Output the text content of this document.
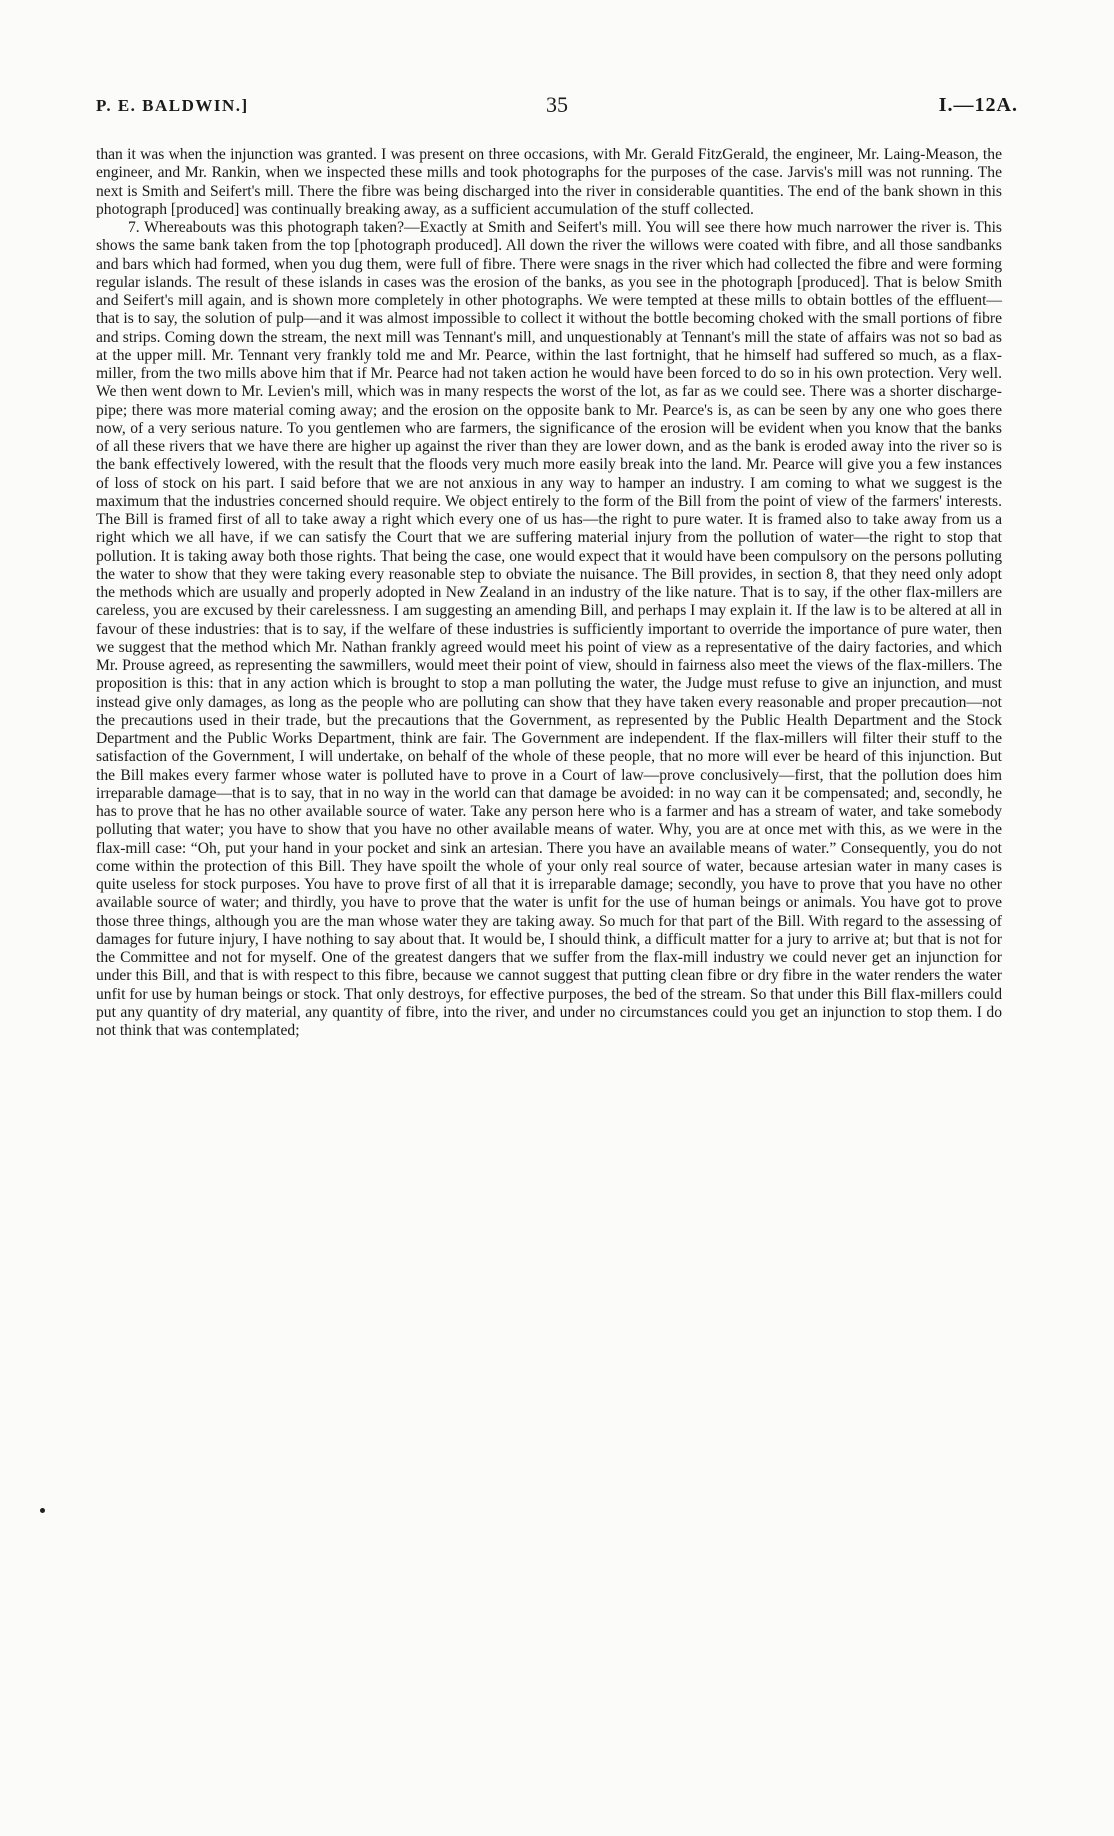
P. E. BALDWIN.]	35	I.—12A.

than it was when the injunction was granted. I was present on three occasions, with Mr. Gerald FitzGerald, the engineer, Mr. Laing-Meason, the engineer, and Mr. Rankin, when we inspected these mills and took photographs for the purposes of the case. Jarvis's mill was not running. The next is Smith and Seifert's mill. There the fibre was being discharged into the river in considerable quantities. The end of the bank shown in this photograph [produced] was continually breaking away, as a sufficient accumulation of the stuff collected.

7. Whereabouts was this photograph taken?—Exactly at Smith and Seifert's mill. You will see there how much narrower the river is. This shows the same bank taken from the top [photograph produced]. All down the river the willows were coated with fibre, and all those sandbanks and bars which had formed, when you dug them, were full of fibre. There were snags in the river which had collected the fibre and were forming regular islands. The result of these islands in cases was the erosion of the banks, as you see in the photograph [produced]. That is below Smith and Seifert's mill again, and is shown more completely in other photographs. We were tempted at these mills to obtain bottles of the effluent—that is to say, the solution of pulp—and it was almost impossible to collect it without the bottle becoming choked with the small portions of fibre and strips. Coming down the stream, the next mill was Tennant's mill, and unquestionably at Tennant's mill the state of affairs was not so bad as at the upper mill. Mr. Tennant very frankly told me and Mr. Pearce, within the last fortnight, that he himself had suffered so much, as a flax-miller, from the two mills above him that if Mr. Pearce had not taken action he would have been forced to do so in his own protection. Very well. We then went down to Mr. Levien's mill, which was in many respects the worst of the lot, as far as we could see. There was a shorter discharge-pipe; there was more material coming away; and the erosion on the opposite bank to Mr. Pearce's is, as can be seen by any one who goes there now, of a very serious nature. To you gentlemen who are farmers, the significance of the erosion will be evident when you know that the banks of all these rivers that we have there are higher up against the river than they are lower down, and as the bank is eroded away into the river so is the bank effectively lowered, with the result that the floods very much more easily break into the land. Mr. Pearce will give you a few instances of loss of stock on his part. I said before that we are not anxious in any way to hamper an industry. I am coming to what we suggest is the maximum that the industries concerned should require. We object entirely to the form of the Bill from the point of view of the farmers' interests. The Bill is framed first of all to take away a right which every one of us has—the right to pure water. It is framed also to take away from us a right which we all have, if we can satisfy the Court that we are suffering material injury from the pollution of water—the right to stop that pollution. It is taking away both those rights. That being the case, one would expect that it would have been compulsory on the persons polluting the water to show that they were taking every reasonable step to obviate the nuisance. The Bill provides, in section 8, that they need only adopt the methods which are usually and properly adopted in New Zealand in an industry of the like nature. That is to say, if the other flax-millers are careless, you are excused by their carelessness. I am suggesting an amending Bill, and perhaps I may explain it. If the law is to be altered at all in favour of these industries: that is to say, if the welfare of these industries is sufficiently important to override the importance of pure water, then we suggest that the method which Mr. Nathan frankly agreed would meet his point of view as a representative of the dairy factories, and which Mr. Prouse agreed, as representing the sawmillers, would meet their point of view, should in fairness also meet the views of the flax-millers. The proposition is this: that in any action which is brought to stop a man polluting the water, the Judge must refuse to give an injunction, and must instead give only damages, as long as the people who are polluting can show that they have taken every reasonable and proper precaution—not the precautions used in their trade, but the precautions that the Government, as represented by the Public Health Department and the Stock Department and the Public Works Department, think are fair. The Government are independent. If the flax-millers will filter their stuff to the satisfaction of the Government, I will undertake, on behalf of the whole of these people, that no more will ever be heard of this injunction. But the Bill makes every farmer whose water is polluted have to prove in a Court of law—prove conclusively—first, that the pollution does him irreparable damage—that is to say, that in no way in the world can that damage be avoided: in no way can it be compensated; and, secondly, he has to prove that he has no other available source of water. Take any person here who is a farmer and has a stream of water, and take somebody polluting that water; you have to show that you have no other available means of water. Why, you are at once met with this, as we were in the flax-mill case: “Oh, put your hand in your pocket and sink an artesian. There you have an available means of water.” Consequently, you do not come within the protection of this Bill. They have spoilt the whole of your only real source of water, because artesian water in many cases is quite useless for stock purposes. You have to prove first of all that it is irreparable damage; secondly, you have to prove that you have no other available source of water; and thirdly, you have to prove that the water is unfit for the use of human beings or animals. You have got to prove those three things, although you are the man whose water they are taking away. So much for that part of the Bill. With regard to the assessing of damages for future injury, I have nothing to say about that. It would be, I should think, a difficult matter for a jury to arrive at; but that is not for the Committee and not for myself. One of the greatest dangers that we suffer from the flax-mill industry we could never get an injunction for under this Bill, and that is with respect to this fibre, because we cannot suggest that putting clean fibre or dry fibre in the water renders the water unfit for use by human beings or stock. That only destroys, for effective purposes, the bed of the stream. So that under this Bill flax-millers could put any quantity of dry material, any quantity of fibre, into the river, and under no circumstances could you get an injunction to stop them. I do not think that was contemplated;
